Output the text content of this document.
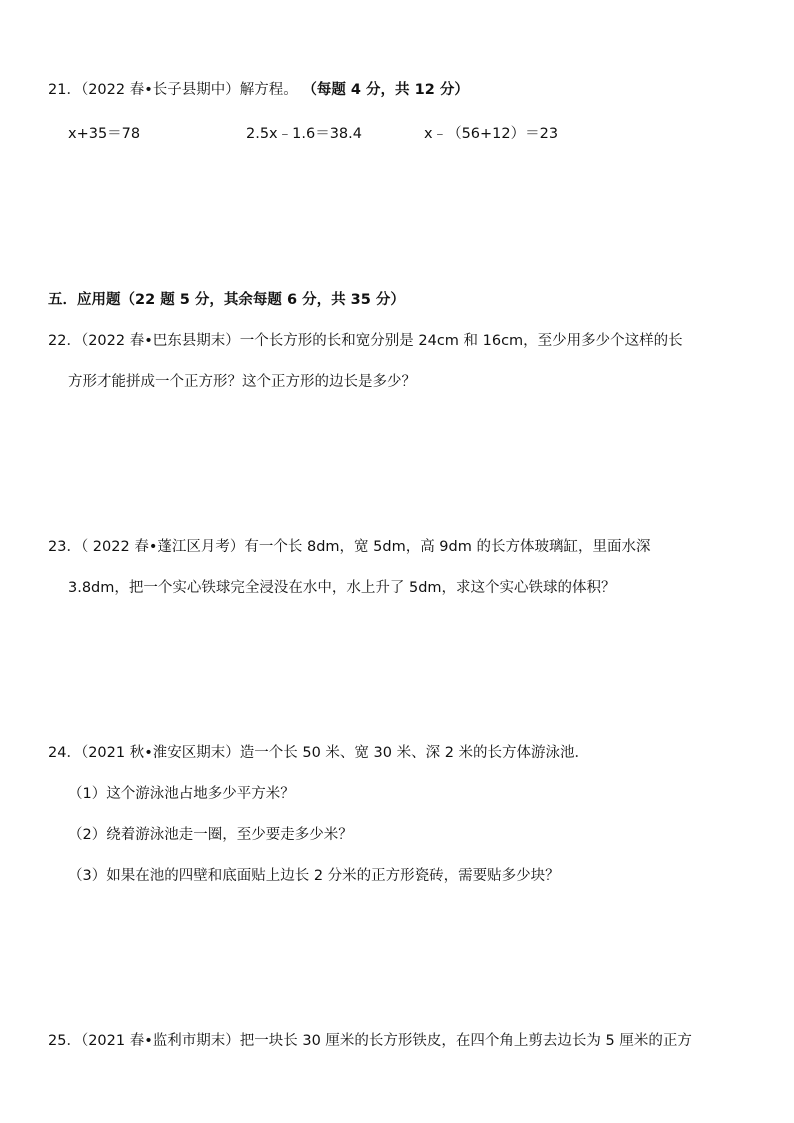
21．（2022 春•长子县期中）解方程。 （每题 4 分，共 12 分）
x+35＝78	2.5x﹣1.6＝38.4	x﹣（56+12）＝23
五．应用题（22 题 5 分，其余每题 6 分，共 35 分）
22．（2022 春•巴东县期末）一个长方形的长和宽分别是 24cm 和 16cm，至少用多少个这样的长
方形才能拼成一个正方形？这个正方形的边长是多少？
23．（ 2022 春•蓬江区月考）有一个长 8dm，宽 5dm，高 9dm 的长方体玻璃缸，里面水深
3.8dm，把一个实心铁球完全浸没在水中，水上升了 5dm，求这个实心铁球的体积？
24．（2021 秋•淮安区期末）造一个长 50 米、宽 30 米、深 2 米的长方体游泳池．
（1）这个游泳池占地多少平方米？
（2）绕着游泳池走一圈，至少要走多少米？
（3）如果在池的四壁和底面贴上边长 2 分米的正方形瓷砖，需要贴多少块？
25．（2021 春•监利市期末）把一块长 30 厘米的长方形铁皮，在四个角上剪去边长为 5 厘米的正方
